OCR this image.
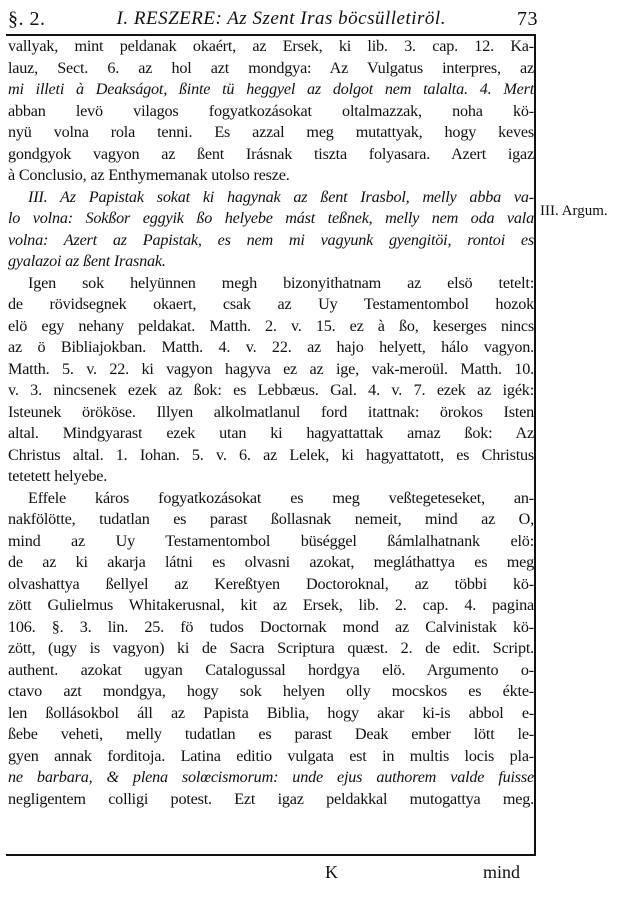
§. 2.	I. RESZERE: Az Szent Iras böcsülletiröl.	73
vallyak, mint peldanak okaért, az Ersek, ki lib. 3. cap. 12. Ka-
lauz, Sect. 6. az hol azt mondgya: Az Vulgatus interpres, az
mi illeti à Deakságot, ßinte tü heggyel az dolgot nem talalta. 4. Mert
abban levö vilagos fogyatkozásokat oltalmazzak, noha kö-
nyü volna rola tenni. Es azzal meg mutattyak, hogy keves
gondgyok vagyon az ßent Irásnak tiszta folyasara. Azert igaz
à Conclusio, az Enthymemanak utolso resze.
III. Az Papistak sokat ki hagynak az ßent Irasbol, melly abba va-
lo volna: Sokßor eggyik ßo helyebe mást teßnek, melly nem oda vala
volna: Azert az Papistak, es nem mi vagyunk gyengitöi, rontoi es
gyalazoi az ßent Irasnak.
Igen sok helyünnen megh bizonyithatnam az elsö tetelt:
de rövidsegnek okaert, csak az Uy Testamentombol hozok
elö egy nehany peldakat. Matth. 2. v. 15. ez à ßo, keserges nincs
az ö Bibliajokban. Matth. 4. v. 22. az hajo helyett, hálo vagyon.
Matth. 5. v. 22. ki vagyon hagyva ez az ige, vak-meroül. Matth. 10.
v. 3. nincsenek ezek az ßok: es Lebbæus. Gal. 4. v. 7. ezek az igék:
Isteunek örököse. Illyen alkolmatlanul ford itattnak: örokos Isten
altal. Mindgyarast ezek utan ki hagyattattak amaz ßok: Az
Christus altal. 1. Iohan. 5. v. 6. az Lelek, ki hagyattatott, es Christus
tetetett helyebe.
Effele káros fogyatkozásokat es meg veßtegeteseket, an-
nakfölötte, tudatlan es parast ßollasnak nemeit, mind az O,
mind az Uy Testamentombol büséggel ßámlalhatnank elö:
de az ki akarja látni es olvasni azokat, megláthattya es meg
olvashattya ßellyel az Kereßtyen Doctoroknal, az többi kö-
zött Gulielmus Whitakerusnal, kit az Ersek, lib. 2. cap. 4. pagina
106. §. 3. lin. 25. fö tudos Doctornak mond az Calvinistak kö-
zött, (ugy is vagyon) ki de Sacra Scriptura quæst. 2. de edit. Script.
authent. azokat ugyan Catalogussal hordgya elö. Argumento o-
ctavo azt mondgya, hogy sok helyen olly mocskos es ékte-
len ßollásokbol áll az Papista Biblia, hogy akar ki-is abbol e-
ßebe veheti, melly tudatlan es parast Deak ember lött le-
gyen annak forditoja. Latina editio vulgata est in multis locis pla-
ne barbara, & plena solœcismorum: unde ejus authorem valde fuisse
negligentem colligi potest. Ezt igaz peldakkal mutogattya meg.
III. Argum.
K	mind
